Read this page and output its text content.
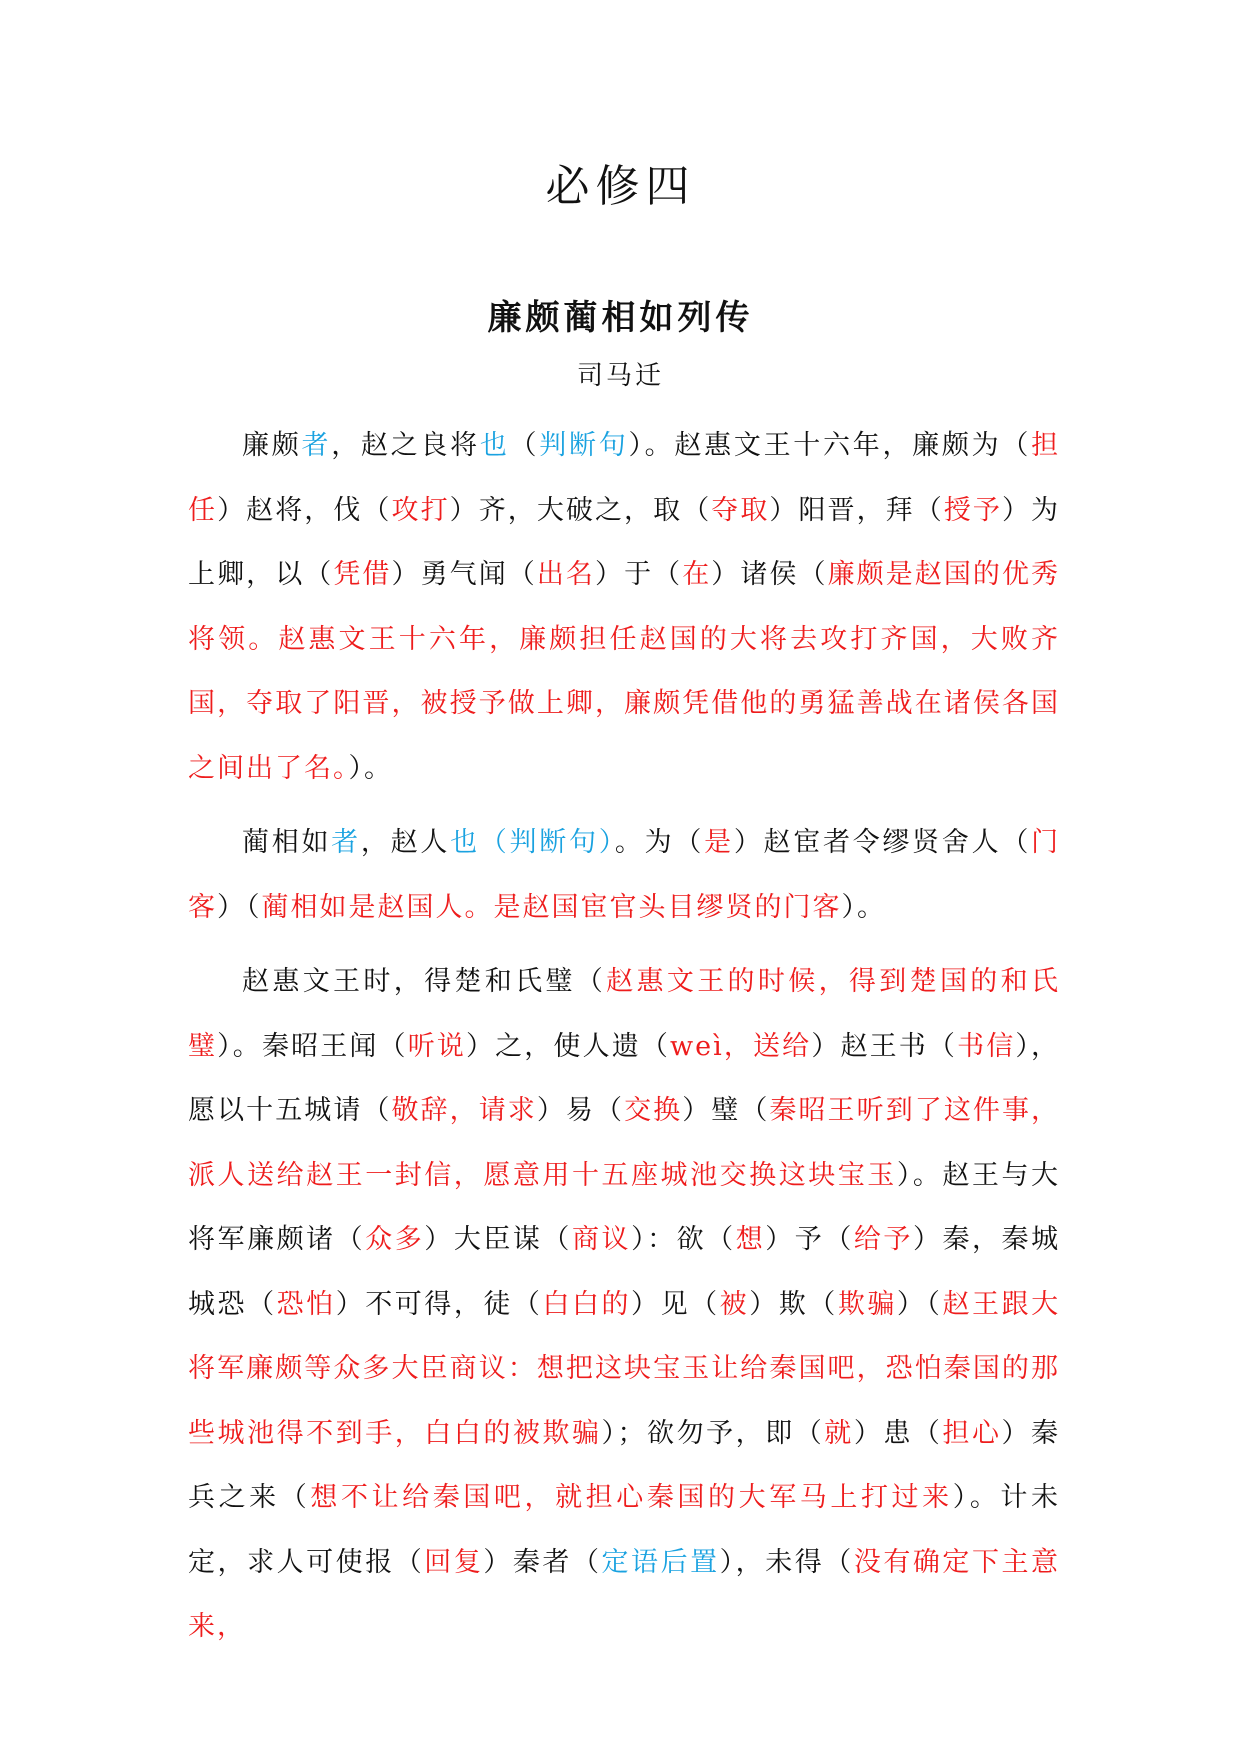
必修四
廉颇蔺相如列传
司马迁

廉颇者，赵之良将也（判断句）。赵惠文王十六年，廉颇为（担任）赵将，伐（攻打）齐，大破之，取（夺取）阳晋，拜（授予）为上卿，以（凭借）勇气闻（出名）于（在）诸侯（廉颇是赵国的优秀将领。赵惠文王十六年，廉颇担任赵国的大将去攻打齐国，大败齐国，夺取了阳晋，被授予做上卿，廉颇凭借他的勇猛善战在诸侯各国之间出了名。）。

蔺相如者，赵人也（判断句）。为（是）赵宦者令缪贤舍人（门客）（蔺相如是赵国人。是赵国宦官头目缪贤的门客）。

赵惠文王时，得楚和氏璧（赵惠文王的时候，得到楚国的和氏璧）。秦昭王闻（听说）之，使人遗（weì，送给）赵王书（书信），愿以十五城请（敬辞，请求）易（交换）璧（秦昭王听到了这件事，派人送给赵王一封信，愿意用十五座城池交换这块宝玉）。赵王与大将军廉颇诸（众多）大臣谋（商议）：欲（想）予（给予）秦，秦城城恐（恐怕）不可得，徒（白白的）见（被）欺（欺骗）（赵王跟大将军廉颇等众多大臣商议：想把这块宝玉让给秦国吧，恐怕秦国的那些城池得不到手，白白的被欺骗）；欲勿予，即（就）患（担心）秦兵之来（想不让给秦国吧，就担心秦国的大军马上打过来）。计未定，求人可使报（回复）秦者（定语后置），未得（没有确定下主意来，
